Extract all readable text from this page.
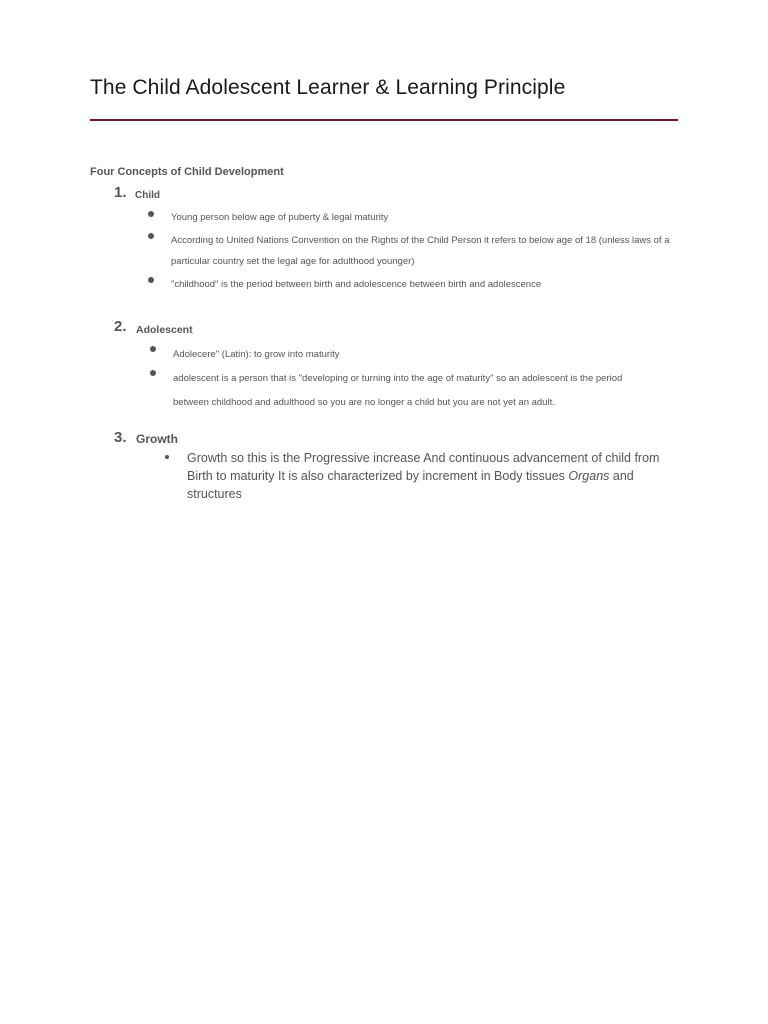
The Child Adolescent Learner & Learning Principle
Four Concepts of Child Development
1. Child
Young person below age of puberty & legal maturity
According to United Nations Convention on the Rights of the Child Person it refers to below age of 18 (unless laws of a
particular country set the legal age for adulthood younger)
"childhood" is the period between birth and adolescence between birth and adolescence
2. Adolescent
Adolecere" (Latin): to grow into maturity
adolescent is a person that is "developing or turning into the age of maturity" so an adolescent is the period
between childhood and adulthood so you are no longer a child but you are not yet an adult.
3. Growth
Growth so this is the Progressive increase And continuous advancement of child from
Birth to maturity It is also characterized by increment in Body tissues Organs and
structures
